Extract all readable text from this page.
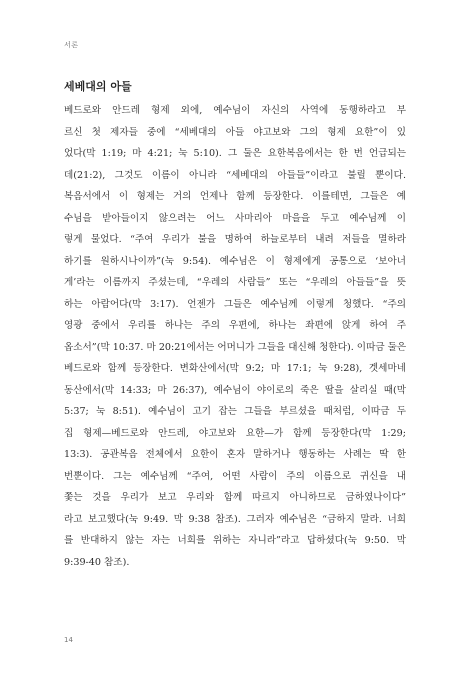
서론
세베대의 아들
베드로와 안드레 형제 외에, 예수님이 자신의 사역에 동행하라고 부
르신 첫 제자들 중에 “세베대의 아들 야고보와 그의 형제 요한”이 있
었다(막 1:19; 마 4:21; 눅 5:10). 그 둘은 요한복음에서는 한 번 언급되는
데(21:2), 그것도 이름이 아니라 “세베대의 아들들”이라고 불릴 뿐이다.
복음서에서 이 형제는 거의 언제나 함께 등장한다. 이를테면, 그들은 예
수님을 받아들이지 않으려는 어느 사마리아 마을을 두고 예수님께 이
렇게 물었다. “주여 우리가 불을 명하여 하늘로부터 내려 저들을 멸하라
하기를 원하시나이까”(눅 9:54). 예수님은 이 형제에게 공통으로 ‘보아너
게’라는 이름까지 주셨는데, “우레의 사람들” 또는 “우레의 아들들”을 뜻
하는 아람어다(막 3:17). 언젠가 그들은 예수님께 이렇게 청했다. “주의
영광 중에서 우리를 하나는 주의 우편에, 하나는 좌편에 앉게 하여 주
옵소서”(막 10:37. 마 20:21에서는 어머니가 그들을 대신해 청한다). 이따금 둘은
베드로와 함께 등장한다. 변화산에서(막 9:2; 마 17:1; 눅 9:28), 겟세마네
동산에서(막 14:33; 마 26:37), 예수님이 야이로의 죽은 딸을 살리실 때(막
5:37; 눅 8:51). 예수님이 고기 잡는 그들을 부르셨을 때처럼, 이따금 두
집 형제—베드로와 안드레, 야고보와 요한—가 함께 등장한다(막 1:29;
13:3). 공관복음 전체에서 요한이 혼자 말하거나 행동하는 사례는 딱 한
번뿐이다. 그는 예수님께 “주여, 어떤 사람이 주의 이름으로 귀신을 내
쫓는 것을 우리가 보고 우리와 함께 따르지 아니하므로 금하였나이다”
라고 보고했다(눅 9:49. 막 9:38 참조). 그러자 예수님은 “금하지 말라. 너희
를 반대하지 않는 자는 너희를 위하는 자니라”라고 답하셨다(눅 9:50. 막
9:39-40 참조).
14
